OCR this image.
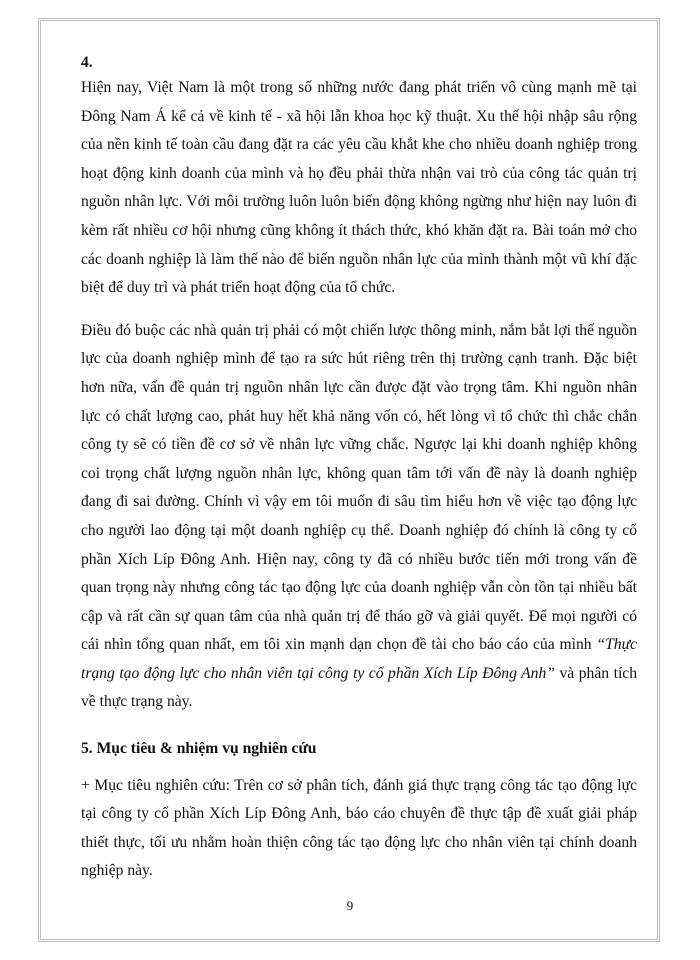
4.

Hiện nay, Việt Nam là một trong số những nước đang phát triển vô cùng mạnh mẽ tại Đông Nam Á kể cả về kinh tế - xã hội lẫn khoa học kỹ thuật. Xu thế hội nhập sâu rộng của nền kinh tế toàn cầu đang đặt ra các yêu cầu khắt khe cho nhiều doanh nghiệp trong hoạt động kinh doanh của mình và họ đều phải thừa nhận vai trò của công tác quản trị nguồn nhân lực. Với môi trường luôn luôn biến động không ngừng như hiện nay luôn đi kèm rất nhiều cơ hội nhưng cũng không ít thách thức, khó khăn đặt ra. Bài toán mở cho các doanh nghiệp là làm thế nào để biến nguồn nhân lực của mình thành một vũ khí đặc biệt để duy trì và phát triển hoạt động của tổ chức.

Điều đó buộc các nhà quản trị phải có một chiến lược thông minh, nắm bắt lợi thế nguồn lực của doanh nghiệp mình để tạo ra sức hút riêng trên thị trường cạnh tranh. Đặc biệt hơn nữa, vấn đề quản trị nguồn nhân lực cần được đặt vào trọng tâm. Khi nguồn nhân lực có chất lượng cao, phát huy hết khả năng vốn có, hết lòng vì tổ chức thì chắc chắn công ty sẽ có tiền đề cơ sở về nhân lực vững chắc. Ngược lại khi doanh nghiệp không coi trọng chất lượng nguồn nhân lực, không quan tâm tới vấn đề này là doanh nghiệp đang đi sai đường. Chính vì vậy em tôi muốn đi sâu tìm hiểu hơn về việc tạo động lực cho người lao động tại một doanh nghiệp cụ thể. Doanh nghiệp đó chính là công ty cổ phần Xích Líp Đông Anh. Hiện nay, công ty đã có nhiều bước tiến mới trong vấn đề quan trọng này nhưng công tác tạo động lực của doanh nghiệp vẫn còn tồn tại nhiều bất cập và rất cần sự quan tâm của nhà quản trị để tháo gỡ và giải quyết. Để mọi người có cái nhìn tổng quan nhất, em tôi xin mạnh dạn chọn đề tài cho báo cáo của mình “Thực trạng tạo động lực cho nhân viên tại công ty cổ phần Xích Líp Đông Anh” và phân tích về thực trạng này.

5. Mục tiêu & nhiệm vụ nghiên cứu

+ Mục tiêu nghiên cứu: Trên cơ sở phân tích, đánh giá thực trạng công tác tạo động lực tại công ty cổ phần Xích Líp Đông Anh, báo cáo chuyên đề thực tập đề xuất giải pháp thiết thực, tối ưu nhằm hoàn thiện công tác tạo động lực cho nhân viên tại chính doanh nghiệp này.

9
